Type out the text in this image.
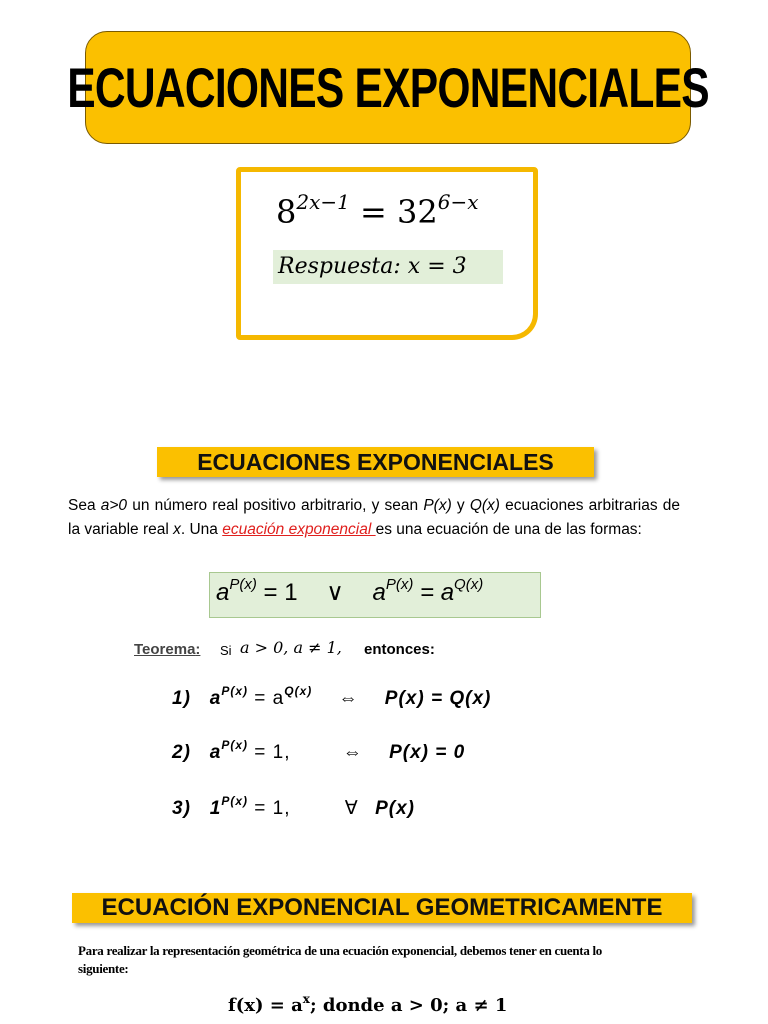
ECUACIONES EXPONENCIALES
$8^{2x-1} = 32^{6-x}$
Respuesta: x = 3
ECUACIONES EXPONENCIALES
Sea a>0 un número real positivo arbitrario, y sean P(x) y Q(x) ecuaciones arbitrarias de la variable real x. Una ecuación exponencial es una ecuación de una de las formas:
$a^{P(x)} = 1$ ∨ $a^{P(x)} = a^{Q(x)}$
Teorema: Si a > 0, a ≠ 1, entonces:
1) $a^{P(x)} = a^{Q(x)}$ ⇔ P(x) = Q(x)
2) $a^{P(x)} = 1$,	⇔ P(x) = 0
3) $1^{P(x)} = 1$,	∀ P(x)
ECUACIÓN EXPONENCIAL GEOMETRICAMENTE
Para realizar la representación geométrica de una ecuación exponencial, debemos tener en cuenta lo siguiente:
$f(x) = a^x$; donde a > 0; a ≠ 1
